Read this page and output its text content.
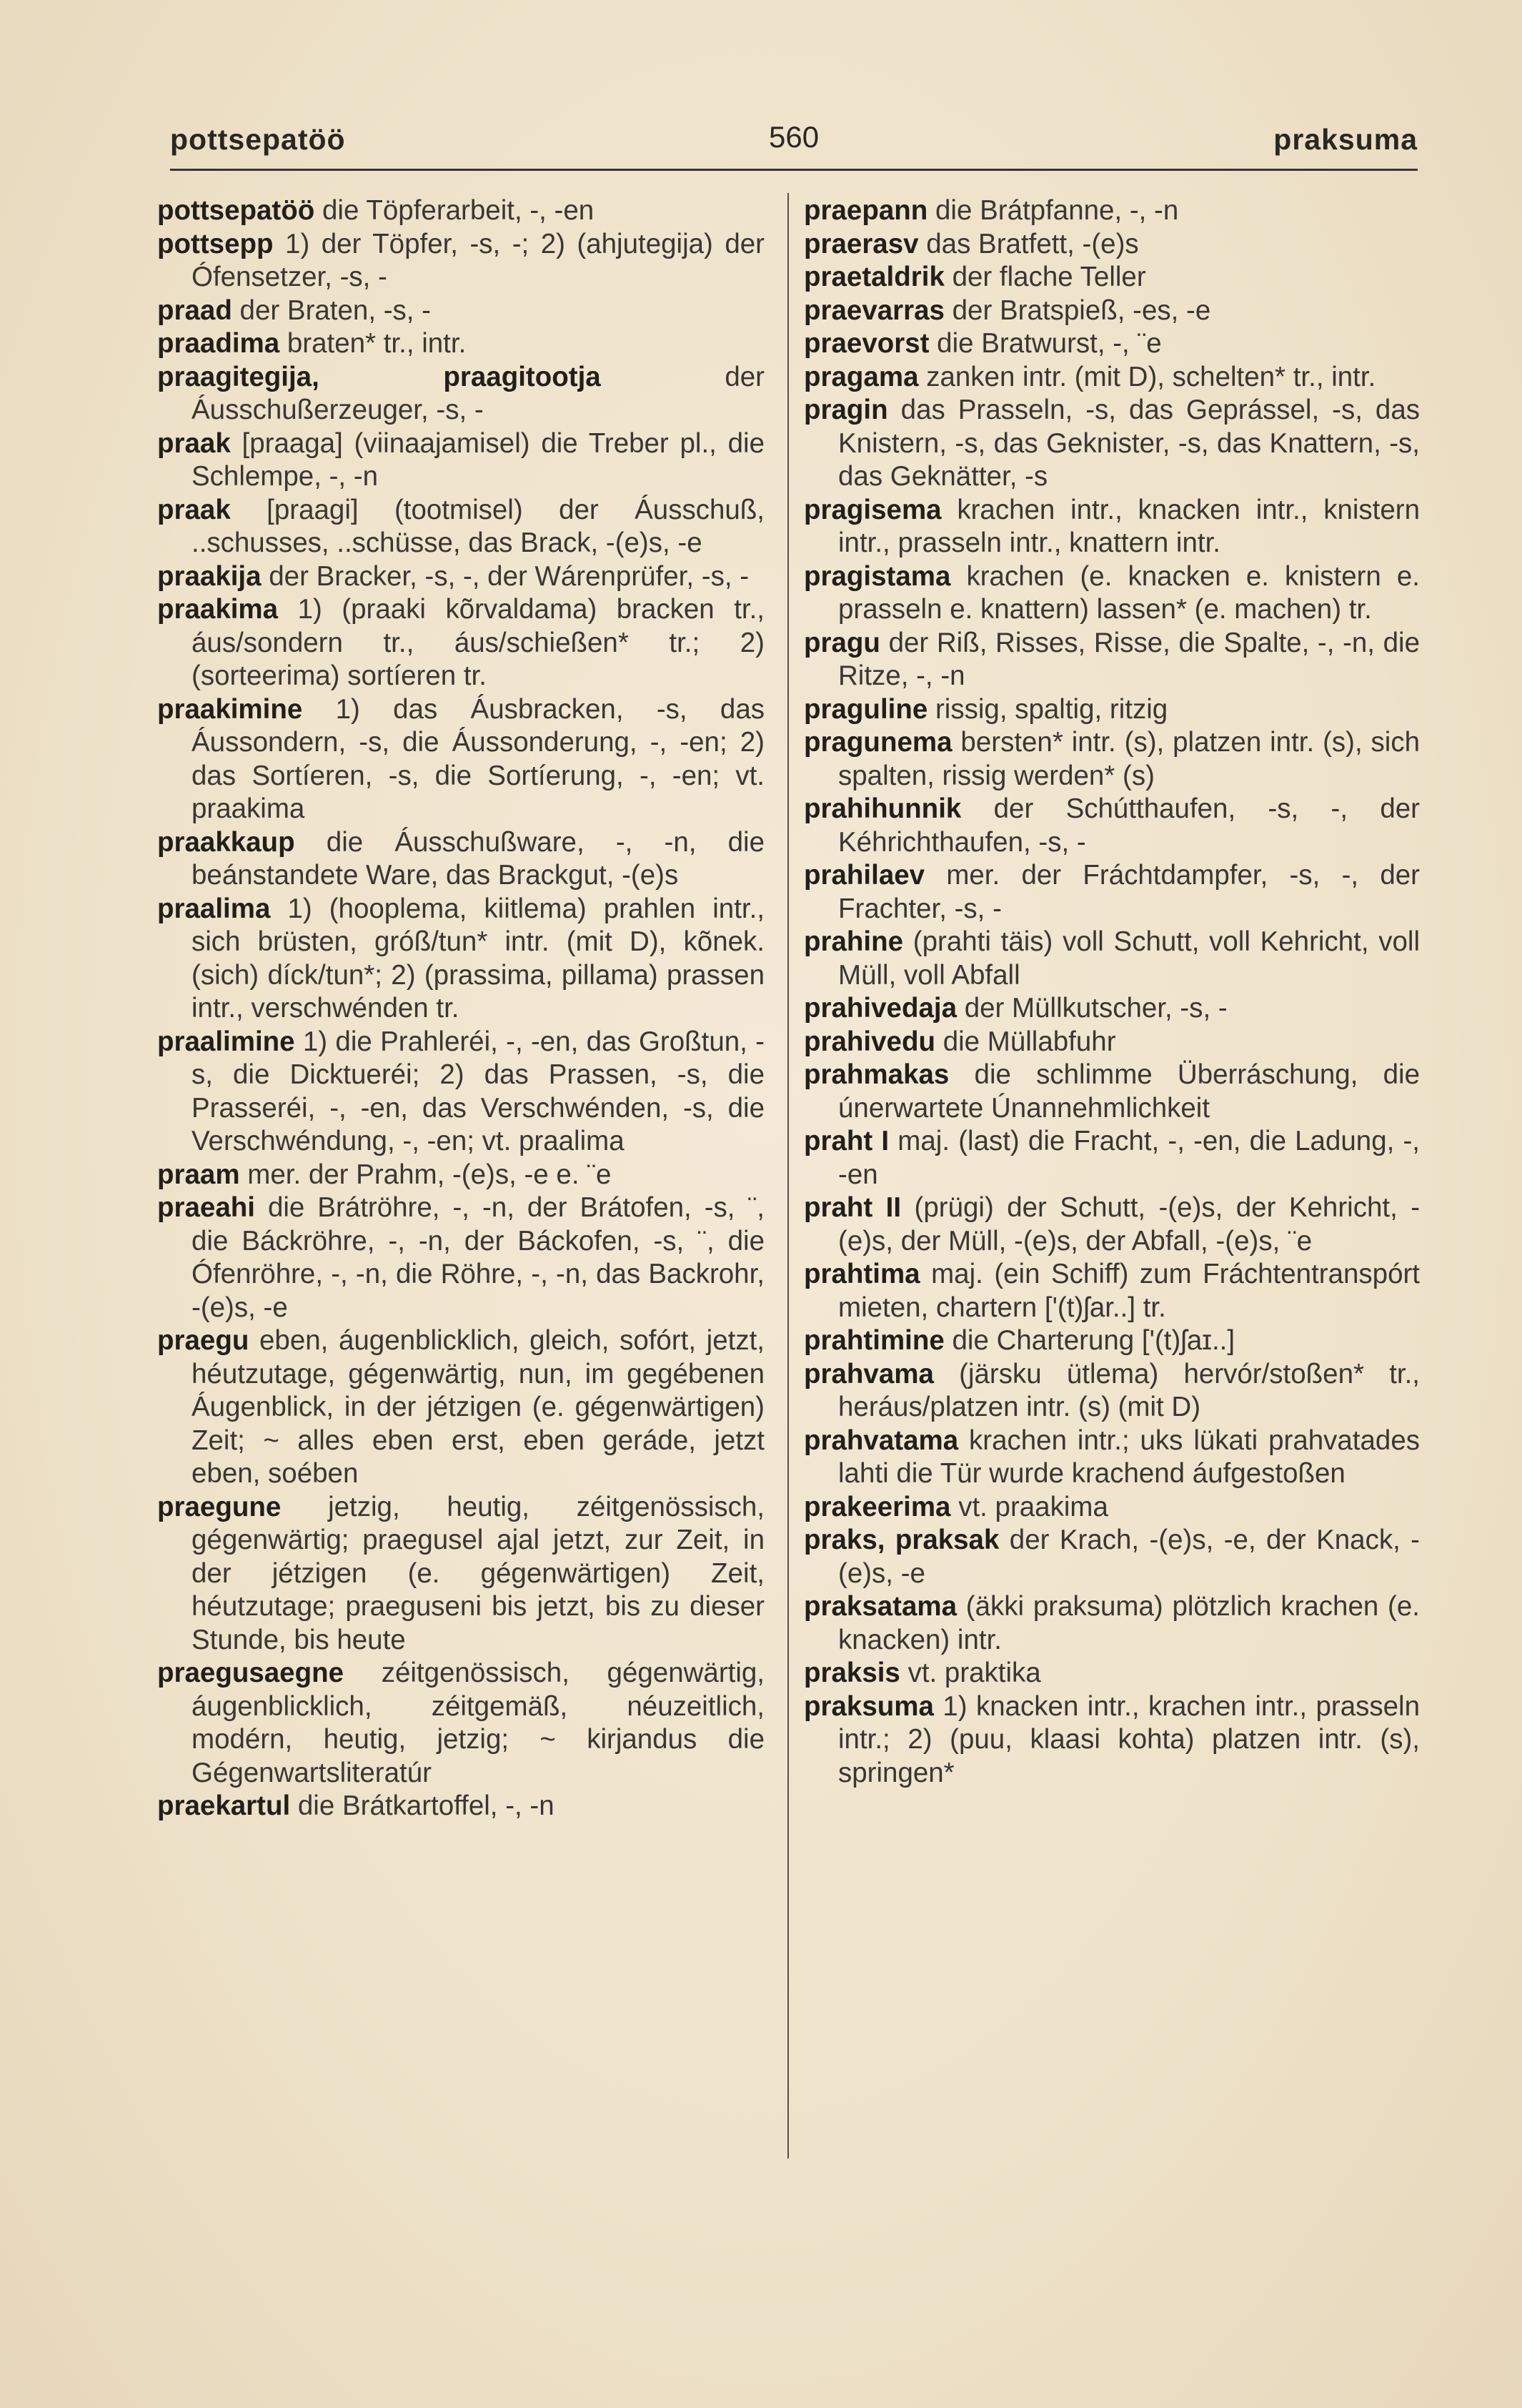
pottsepatöö	560	praksuma

pottsepatöö die Töpferarbeit, -, -en

pottsepp 1) der Töpfer, -s, -; 2) (ahjutegija) der Ófensetzer, -s, -

praad der Braten, -s, -

praadima braten* tr., intr.

praagitegija, praagitootja	der Áusschußerzeuger, -s, -

praak [praaga] (viinaajamisel) die Treber pl., die Schlempe, -, -n

praak [praagi] (tootmisel) der Áusschuß, ..schusses, ..schüsse, das Brack, -(e)s, -e

praakija der Bracker, -s, -, der Wárenprüfer, -s, -

praakima 1) (praaki kõrvaldama) bracken tr., áus/sondern tr., áus/schießen* tr.; 2) (sorteerima) sortíeren tr.

praakimine 1) das Áusbracken, -s, das Áussondern, -s, die Áussonderung, -, -en; 2) das Sortíeren, -s, die Sortíerung, -, -en; vt. praakima

praakkaup die Áusschußware, -, -n, die beánstandete Ware, das Brackgut, -(e)s

praalima 1) (hooplema, kiitlema) prahlen intr., sich brüsten, gróß/tun* intr. (mit D), kõnek. (sich) díck/tun*; 2) (prassima, pillama) prassen intr., verschwénden tr.

praalimine 1) die Prahleréi, -, -en, das Großtun, -s, die Dicktueréi; 2) das Prassen, -s, die Prasseréi, -, -en, das Verschwénden, -s, die Verschwéndung, -, -en; vt. praalima

praam mer. der Prahm, -(e)s, -e e. ¨e

praeahi die Brátröhre, -, -n, der Brátofen, -s, ¨, die Báckröhre, -, -n, der Báckofen, -s, ¨, die Ófenröhre, -, -n, die Röhre, -, -n, das Backrohr, -(e)s, -e

praegu eben, áugenblicklich, gleich, sofórt, jetzt, héutzutage, gégenwärtig, nun, im gegébenen Áugenblick, in der jétzigen (e. gégenwärtigen) Zeit; ~ alles eben erst, eben geráde, jetzt eben, soében

praegune jetzig, heutig, zéitgenössisch, gégenwärtig; praegusel ajal jetzt, zur Zeit, in der jétzigen (e. gégenwärtigen) Zeit, héutzutage; praeguseni bis jetzt, bis zu dieser Stunde, bis heute

praegusaegne zéitgenössisch, gégenwärtig, áugenblicklich, zéitgemäß, néuzeitlich, modérn, heutig, jetzig; ~ kirjandus die Gégenwartsliteratúr

praekartul die Brátkartoffel, -, -n

praepann die Brátpfanne, -, -n

praerasv das Bratfett, -(e)s

praetaldrik der flache Teller

praevarras der Bratspieß, -es, -e

praevorst die Bratwurst, -, ¨e

pragama zanken intr. (mit D), schelten* tr., intr.

pragin das Prasseln, -s, das Geprássel, -s, das Knistern, -s, das Geknister, -s, das Knattern, -s, das Geknätter, -s

pragisema krachen intr., knacken intr., knistern intr., prasseln intr., knattern intr.

pragistama krachen (e. knacken e. knistern e. prasseln e. knattern) lassen* (e. machen) tr.

pragu der Riß, Risses, Risse, die Spalte, -, -n, die Ritze, -, -n

praguline rissig, spaltig, ritzig

pragunema bersten* intr. (s), platzen intr. (s), sich spalten, rissig werden* (s)

prahihunnik der Schútthaufen, -s, -, der Kéhrichthaufen, -s, -

prahilaev mer. der Fráchtdampfer, -s, -, der Frachter, -s, -

prahine (prahti täis) voll Schutt, voll Kehricht, voll Müll, voll Abfall

prahivedaja der Müllkutscher, -s, -

prahivedu die Müllabfuhr

prahmakas die schlimme Überráschung, die únerwartete Únannehmlichkeit

praht I maj. (last) die Fracht, -, -en, die Ladung, -, -en

praht II (prügi) der Schutt, -(e)s, der Kehricht, -(e)s, der Müll, -(e)s, der Abfall, -(e)s, ¨e

prahtima maj. (ein Schiff) zum Fráchtentranspórt mieten, chartern [ʹ(t)ʃar..] tr.

prahtimine die Charterung [ʹ(t)ʃaɪ..]

prahvama (järsku ütlema) hervór/stoßen* tr., heráus/platzen intr. (s) (mit D)

prahvatama krachen intr.; uks lükati prahvatades lahti die Tür wurde krachend áufgestoßen

prakeerima vt. praakima

praks, praksak der Krach, -(e)s, -e, der Knack, -(e)s, -e

praksatama (äkki praksuma) plötzlich krachen (e. knacken) intr.

praksis vt. praktika

praksuma 1) knacken intr., krachen intr., prasseln intr.; 2) (puu, klaasi kohta) platzen intr. (s), springen*
